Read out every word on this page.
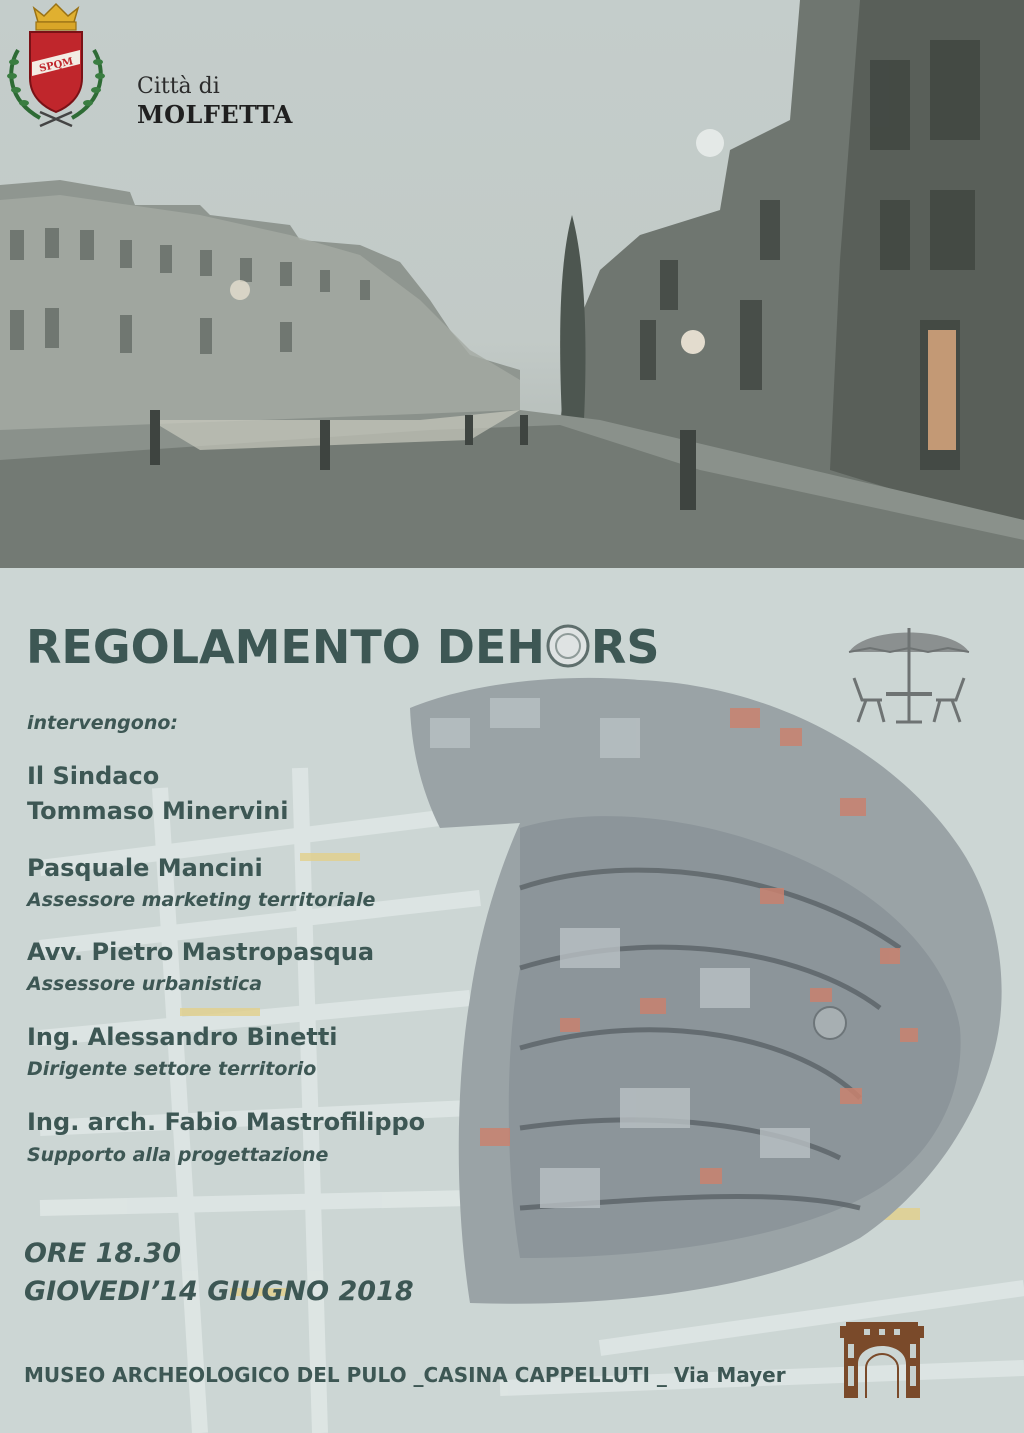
SPQM
Città di
MOLFETTA
REGOLAMENTO DEH RS
intervengono:
Il Sindaco
Tommaso Minervini
Pasquale Mancini
Assessore marketing territoriale
Avv. Pietro Mastropasqua
Assessore urbanistica
Ing. Alessandro Binetti
Dirigente settore territorio
Ing. arch. Fabio Mastrofilippo
Supporto alla progettazione
ORE 18.30
GIOVEDI’14 GIUGNO 2018
MUSEO ARCHEOLOGICO DEL PULO _CASINA CAPPELLUTI _ Via Mayer
